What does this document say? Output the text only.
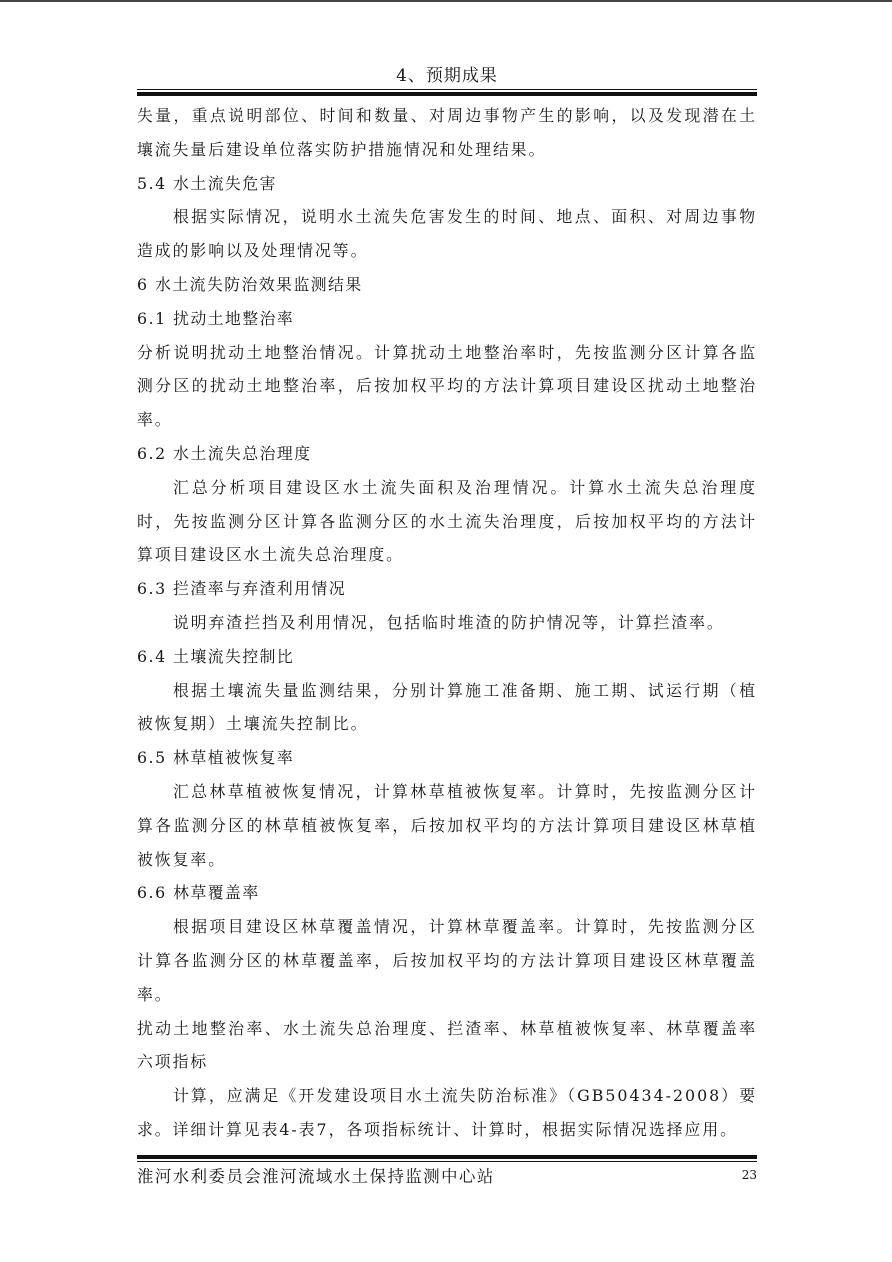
4、预期成果

失量，重点说明部位、时间和数量、对周边事物产生的影响，以及发现潜在土壤流失量后建设单位落实防护措施情况和处理结果。

5.4 水土流失危害

根据实际情况，说明水土流失危害发生的时间、地点、面积、对周边事物造成的影响以及处理情况等。

6 水土流失防治效果监测结果

6.1 扰动土地整治率

分析说明扰动土地整治情况。计算扰动土地整治率时，先按监测分区计算各监测分区的扰动土地整治率，后按加权平均的方法计算项目建设区扰动土地整治率。

6.2 水土流失总治理度

汇总分析项目建设区水土流失面积及治理情况。计算水土流失总治理度时，先按监测分区计算各监测分区的水土流失治理度，后按加权平均的方法计算项目建设区水土流失总治理度。

6.3 拦渣率与弃渣利用情况

说明弃渣拦挡及利用情况，包括临时堆渣的防护情况等，计算拦渣率。

6.4 土壤流失控制比

根据土壤流失量监测结果，分别计算施工准备期、施工期、试运行期（植被恢复期）土壤流失控制比。

6.5 林草植被恢复率

汇总林草植被恢复情况，计算林草植被恢复率。计算时，先按监测分区计算各监测分区的林草植被恢复率，后按加权平均的方法计算项目建设区林草植被恢复率。

6.6 林草覆盖率

根据项目建设区林草覆盖情况，计算林草覆盖率。计算时，先按监测分区计算各监测分区的林草覆盖率，后按加权平均的方法计算项目建设区林草覆盖率。

扰动土地整治率、水土流失总治理度、拦渣率、林草植被恢复率、林草覆盖率六项指标

计算，应满足《开发建设项目水土流失防治标准》（GB50434-2008）要求。详细计算见表4-表7，各项指标统计、计算时，根据实际情况选择应用。

淮河水利委员会淮河流域水土保持监测中心站	23
